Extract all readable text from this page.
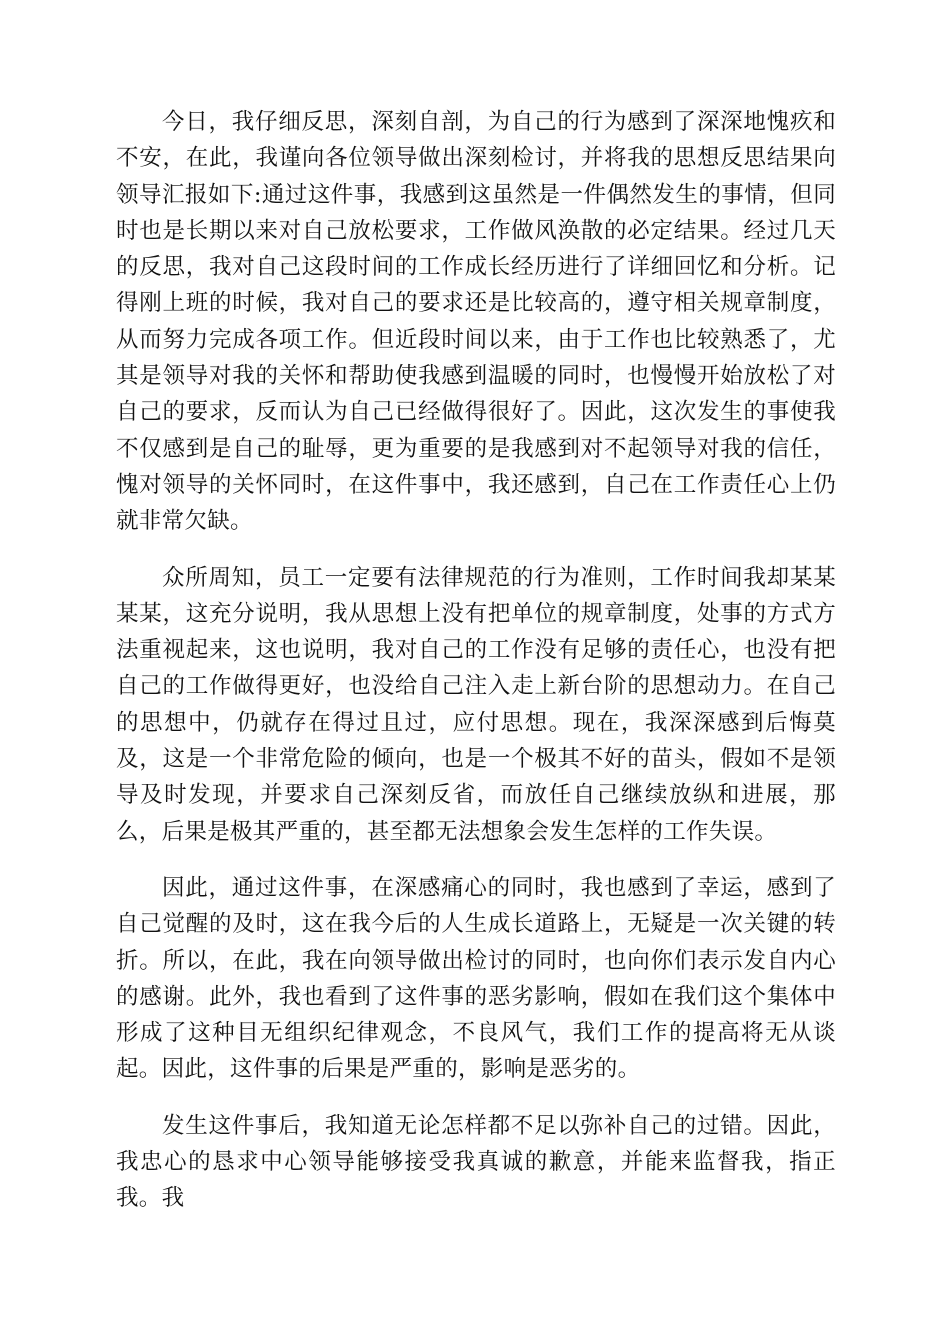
今日，我仔细反思，深刻自剖，为自己的行为感到了深深地愧疚和不安，在此，我谨向各位领导做出深刻检讨，并将我的思想反思结果向领导汇报如下:通过这件事，我感到这虽然是一件偶然发生的事情，但同时也是长期以来对自己放松要求，工作做风涣散的必定结果。经过几天的反思，我对自己这段时间的工作成长经历进行了详细回忆和分析。记得刚上班的时候，我对自己的要求还是比较高的，遵守相关规章制度，从而努力完成各项工作。但近段时间以来，由于工作也比较熟悉了，尤其是领导对我的关怀和帮助使我感到温暖的同时，也慢慢开始放松了对自己的要求，反而认为自己已经做得很好了。因此，这次发生的事使我不仅感到是自己的耻辱，更为重要的是我感到对不起领导对我的信任，愧对领导的关怀同时，在这件事中，我还感到，自己在工作责任心上仍就非常欠缺。

众所周知，员工一定要有法律规范的行为准则，工作时间我却某某某某，这充分说明，我从思想上没有把单位的规章制度，处事的方式方法重视起来，这也说明，我对自己的工作没有足够的责任心，也没有把自己的工作做得更好，也没给自己注入走上新台阶的思想动力。在自己的思想中，仍就存在得过且过，应付思想。现在，我深深感到后悔莫及，这是一个非常危险的倾向，也是一个极其不好的苗头，假如不是领导及时发现，并要求自己深刻反省，而放任自己继续放纵和进展，那么，后果是极其严重的，甚至都无法想象会发生怎样的工作失误。

因此，通过这件事，在深感痛心的同时，我也感到了幸运，感到了自己觉醒的及时，这在我今后的人生成长道路上，无疑是一次关键的转折。所以，在此，我在向领导做出检讨的同时，也向你们表示发自内心的感谢。此外，我也看到了这件事的恶劣影响，假如在我们这个集体中形成了这种目无组织纪律观念，不良风气，我们工作的提高将无从谈起。因此，这件事的后果是严重的，影响是恶劣的。

发生这件事后，我知道无论怎样都不足以弥补自己的过错。因此，我忠心的恳求中心领导能够接受我真诚的歉意，并能来监督我，指正我。我
